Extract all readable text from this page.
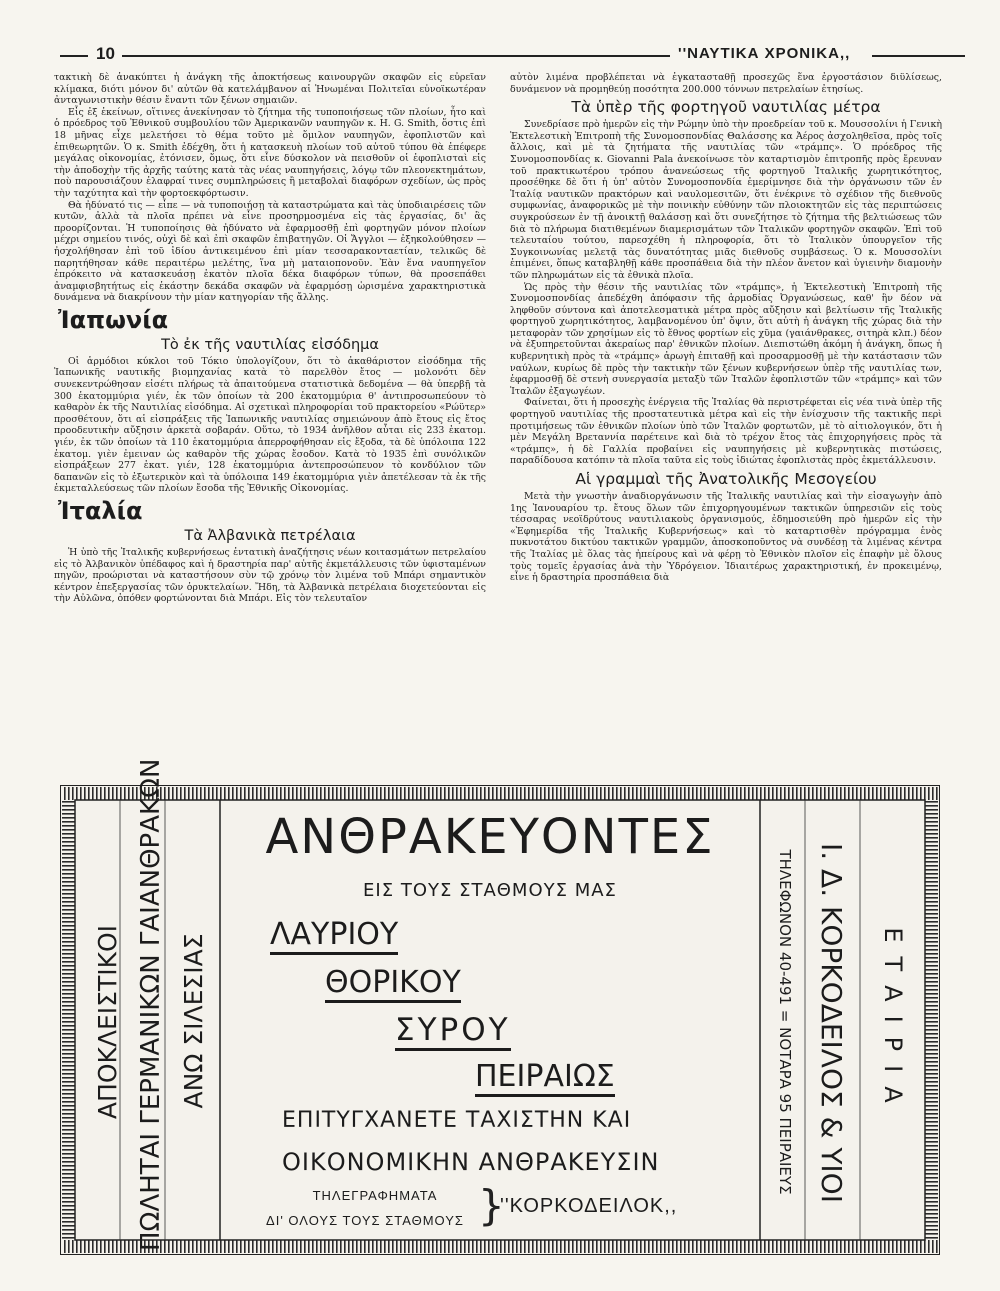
10	''ΝΑΥΤΙΚΑ ΧΡΟΝΙΚΑ,,

τακτικὴ δὲ ἀνακύπτει ἡ ἀνάγκη τῆς ἀποκτήσεως καινουργῶν σκαφῶν εἰς εὐρεῖαν κλίμακα, διότι μόνον δι' αὐτῶν θὰ κατελάμβανον αἱ Ἡνωμέναι Πολιτεῖαι εὐνοϊκωτέραν ἀνταγωνιστικὴν θέσιν ἔναντι τῶν ξένων σημαιῶν.

Εἷς ἐξ ἐκείνων, οἵτινες ἀνεκίνησαν τὸ ζήτημα τῆς τυποποιήσεως τῶν πλοίων, ἦτο καὶ ὁ πρόεδρος τοῦ Ἐθνικοῦ συμβουλίου τῶν Ἀμερικανῶν ναυπηγῶν κ. Η. G. Smith, ὅστις ἐπὶ 18 μῆνας εἶχε μελετήσει τὸ θέμα τοῦτο μὲ ὅμιλον ναυπηγῶν, ἐφοπλιστῶν καὶ ἐπιθεωρητῶν. Ὁ κ. Smith ἐδέχθη, ὅτι ἡ κατασκευὴ πλοίων τοῦ αὐτοῦ τύπου θὰ ἐπέφερε μεγάλας οἰκονομίας, ἐτόνισεν, ὅμως, ὅτι εἶνε δύσκολον νὰ πεισθοῦν οἱ ἐφοπλισταὶ εἰς τὴν ἀποδοχὴν τῆς ἀρχῆς ταύτης κατὰ τὰς νέας ναυπηγήσεις, λόγῳ τῶν πλεονεκτημάτων, ποὺ παρουσιάζουν ἐλαφραί τινες συμπληρώσεις ἢ μεταβολαὶ διαφόρων σχεδίων, ὡς πρὸς τὴν ταχύτητα καὶ τὴν φορτοεκφόρτωσιν.

Θὰ ἠδύνατό τις — εἶπε — νὰ τυποποιήσῃ τὰ καταστρώματα καὶ τὰς ὑποδιαιρέσεις τῶν κυτῶν, ἀλλὰ τὰ πλοῖα πρέπει νὰ εἶνε προσηρμοσμένα εἰς τὰς ἐργασίας, δι' ἃς προορίζονται. Ἡ τυποποίησις θὰ ἠδύνατο νὰ ἐφαρμοσθῇ ἐπὶ φορτηγῶν μόνον πλοίων μέχρι σημείου τινός, οὐχὶ δὲ καὶ ἐπὶ σκαφῶν ἐπιβατηγῶν. Οἱ Ἄγγλοι — ἐξηκολούθησεν — ἠσχολήθησαν ἐπὶ τοῦ ἰδίου ἀντικειμένου ἐπὶ μίαν τεσσαρακονταετίαν, τελικῶς δὲ παρητήθησαν κάθε περαιτέρω μελέτης, ἵνα μὴ ματαιοπονοῦν. Ἐὰν ἕνα ναυπηγεῖον ἐπρόκειτο νὰ κατασκευάσῃ ἑκατὸν πλοῖα δέκα διαφόρων τύπων, θὰ προσεπάθει ἀναμφισβητήτως εἰς ἑκάστην δεκάδα σκαφῶν νὰ ἐφαρμόσῃ ὡρισμένα χαρακτηριστικὰ δυνάμενα νὰ διακρίνουν τὴν μίαν κατηγορίαν τῆς ἄλλης.

Ἰαπωνία

Τὸ ἐκ τῆς ναυτιλίας εἰσόδημα

Οἱ ἁρμόδιοι κύκλοι τοῦ Τόκιο ὑπολογίζουν, ὅτι τὸ ἀκαθάριστον εἰσόδημα τῆς Ἰαπωνικῆς ναυτικῆς βιομηχανίας κατὰ τὸ παρελθὸν ἔτος — μολονότι δὲν συνεκεντρώθησαν εἰσέτι πλήρως τὰ ἀπαιτούμενα στατιστικὰ δεδομένα — θὰ ὑπερβῇ τὰ 300 ἑκατομμύρια γιέν, ἐκ τῶν ὁποίων τὰ 200 ἑκατομμύρια θ' ἀντιπροσωπεύουν τὸ καθαρὸν ἐκ τῆς Ναυτιλίας εἰσόδημα. Αἱ σχετικαὶ πληροφορίαι τοῦ πρακτορείου «Ρώϋτερ» προσθέτουν, ὅτι αἱ εἰσπράξεις τῆς Ἰαπωνικῆς ναυτιλίας σημειώνουν ἀπὸ ἔτους εἰς ἔτος προοδευτικὴν αὔξησιν ἀρκετὰ σοβαράν. Οὕτω, τὸ 1934 ἀνῆλθον αὗται εἰς 233 ἑκατομ. γιέν, ἐκ τῶν ὁποίων τὰ 110 ἑκατομμύρια ἀπερροφήθησαν εἰς ἔξοδα, τὰ δὲ ὑπόλοιπα 122 ἑκατομ. γιὲν ἐμειναν ὡς καθαρὸν τῆς χώρας ἔσοδον. Κατὰ τὸ 1935 ἐπὶ συνόλικῶν εἰσπράξεων 277 ἑκατ. γιέν, 128 ἑκατομμύρια ἀντεπροσώπευον τὸ κονδύλιον τῶν δαπανῶν εἰς τὸ ἐξωτερικὸν καὶ τὰ ὑπόλοιπα 149 ἑκατομμύρια γιὲν ἀπετέλεσαν τὰ ἐκ τῆς ἐκμεταλλεύσεως τῶν πλοίων ἔσοδα τῆς Ἐθνικῆς Οἰκονομίας.

Ἰταλία

Τὰ Ἀλβανικὰ πετρέλαια

Ἡ ὑπὸ τῆς Ἰταλικῆς κυβερνήσεως ἐντατικὴ ἀναζήτησις νέων κοιτασμάτων πετρελαίου εἰς τὸ Ἀλβανικὸν ὑπέδαφος καὶ ἡ δραστηρία παρ' αὐτῆς ἐκμετάλλευσις τῶν ὑφισταμένων πηγῶν, προώρισται νὰ καταστήσουν σὺν τῷ χρόνῳ τὸν λιμένα τοῦ Μπάρι σημαντικὸν κέντρον ἐπεξεργασίας τῶν ὀρυκτελαίων. Ἤδη, τὰ Ἀλβανικὰ πετρέλαια διοχετεύονται εἰς τὴν Αὐλῶνα, ὁπόθεν φορτώνονται διὰ Μπάρι. Εἰς τὸν τελευταῖον

αὐτὸν λιμένα προβλέπεται νὰ ἐγκατασταθῇ προσεχῶς ἕνα ἐργοστάσιον διϋλίσεως, δυνάμενον νὰ προμηθεύῃ ποσότητα 200.000 τόννων πετρελαίων ἐτησίως.

Τὰ ὑπὲρ τῆς φορτηγοῦ ναυτιλίας μέτρα

Συνεδρίασε πρὸ ἡμερῶν εἰς τὴν Ρώμην ὑπὸ τὴν προεδρείαν τοῦ κ. Μουσσολίνι ἡ Γενικὴ Ἐκτελεστικὴ Ἐπιτροπὴ τῆς Συνομοσπονδίας Θαλάσσης κα Ἀέρος ἀσχοληθεῖσα, πρὸς τοῖς ἄλλοις, καὶ μὲ τὰ ζητήματα τῆς ναυτιλίας τῶν «τράμπς». Ὁ πρόεδρος τῆς Συνομοσπονδίας κ. Giovanni Pala ἀνεκοίνωσε τὸν καταρτισμὸν ἐπιτροπῆς πρὸς ἔρευναν τοῦ πρακτικωτέρου τρόπου ἀνανεώσεως τῆς φορτηγοῦ Ἰταλικῆς χωρητικότητος, προσέθηκε δὲ ὅτι ἡ ὑπ' αὐτὸν Συνομοσπονδία ἐμερίμνησε διὰ τὴν ὀργάνωσιν τῶν ἐν Ἰταλίᾳ ναυτικῶν πρακτόρων καὶ ναυλομεσιτῶν, ὅτι ἐνέκρινε τὸ σχέδιον τῆς διεθνοῦς συμφωνίας, ἀναφορικῶς μὲ τὴν ποινικὴν εὐθύνην τῶν πλοιοκτητῶν εἰς τὰς περιπτώσεις συγκρούσεων ἐν τῇ ἀνοικτῇ θαλάσσῃ καὶ ὅτι συνεζήτησε τὸ ζήτημα τῆς βελτιώσεως τῶν διὰ τὸ πλήρωμα διατιθεμένων διαμερισμάτων τῶν Ἰταλικῶν φορτηγῶν σκαφῶν. Ἐπὶ τοῦ τελευταίου τούτου, παρεσχέθη ἡ πληροφορία, ὅτι τὸ Ἰταλικὸν ὑπουργεῖον τῆς Συγκοινωνίας μελετᾷ τὰς δυνατότητας μιᾶς διεθνοῦς συμβάσεως. Ὁ κ. Μουσσολίνι ἐπιμένει, ὅπως καταβληθῇ κάθε προσπάθεια διὰ τὴν πλέον ἄνετον καὶ ὑγιεινὴν διαμονὴν τῶν πληρωμάτων εἰς τὰ ἐθνικὰ πλοῖα.

Ὡς πρὸς τὴν θέσιν τῆς ναυτιλίας τῶν «τράμπς», ἡ Ἐκτελεστικὴ Ἐπιτροπὴ τῆς Συνομοσπονδίας ἀπεδέχθη ἀπόφασιν τῆς ἁρμοδίας Ὀργανώσεως, καθ' ἣν δέον νὰ ληφθοῦν σύντονα καὶ ἀποτελεσματικὰ μέτρα πρὸς αὔξησιν καὶ βελτίωσιν τῆς Ἰταλικῆς φορτηγοῦ χωρητικότητος, λαμβανομένου ὑπ' ὄψιν, ὅτι αὐτὴ ἡ ἀνάγκη τῆς χώρας διὰ τὴν μεταφορὰν τῶν χρησίμων εἰς τὸ ἔθνος φορτίων εἰς χῦμα (γαιάνθρακες, σιτηρὰ κλπ.) δέον νὰ ἐξυπηρετοῦνται ἀκεραίως παρ' ἐθνικῶν πλοίων. Διεπιστώθη ἀκόμη ἡ ἀνάγκη, ὅπως ἡ κυβερνητικὴ πρὸς τὰ «τράμπς» ἀρωγὴ ἐπιταθῇ καὶ προσαρμοσθῇ μὲ τὴν κατάστασιν τῶν ναύλων, κυρίως δὲ πρὸς τὴν τακτικὴν τῶν ξένων κυβερνήσεων ὑπὲρ τῆς ναυτιλίας των, ἐφαρμοσθῇ δὲ στενὴ συνεργασία μεταξὺ τῶν Ἰταλῶν ἐφοπλιστῶν τῶν «τράμπς» καὶ τῶν Ἰταλῶν ἐξαγωγέων.

Φαίνεται, ὅτι ἡ προσεχὴς ἐνέργεια τῆς Ἰταλίας θὰ περιστρέφεται εἰς νέα τινὰ ὑπὲρ τῆς φορτηγοῦ ναυτιλίας τῆς προστατευτικὰ μέτρα καὶ εἰς τὴν ἐνίσχυσιν τῆς τακτικῆς περὶ προτιμήσεως τῶν ἐθνικῶν πλοίων ὑπὸ τῶν Ἰταλῶν φορτωτῶν, μὲ τὸ αἰτιολογικόν, ὅτι ἡ μὲν Μεγάλη Βρεταννία παρέτεινε καὶ διὰ τὸ τρέχον ἔτος τὰς ἐπιχορηγήσεις πρὸς τὰ «τράμπς», ἡ δὲ Γαλλία προβαίνει εἰς ναυπηγήσεις μὲ κυβερνητικὰς πιστώσεις, παραδίδουσα κατόπιν τὰ πλοῖα ταῦτα εἰς τοὺς ἰδιώτας ἐφοπλιστὰς πρὸς ἐκμετάλλευσιν.

Αἱ γραμμαὶ τῆς Ἀνατολικῆς Μεσογείου

Μετὰ τὴν γνωστὴν ἀναδιοργάνωσιν τῆς Ἰταλικῆς ναυτιλίας καὶ τὴν εἰσαγωγὴν ἀπὸ 1ης Ἰανουαρίου τρ. ἔτους ὅλων τῶν ἐπιχορηγουμένων τακτικῶν ὑπηρεσιῶν εἰς τοὺς τέσσαρας νεοϊδρύτους ναυτιλιακοὺς ὀργανισμούς, ἐδημοσιεύθη πρὸ ἡμερῶν εἰς τὴν «Ἐφημερίδα τῆς Ἰταλικῆς Κυβερνήσεως» καὶ τὸ καταρτισθὲν πρόγραμμα ἑνὸς πυκνοτάτου δικτύου τακτικῶν γραμμῶν, ἀποσκοποῦντος νὰ συνδέσῃ τὰ λιμένας κέντρα τῆς Ἰταλίας μὲ ὅλας τὰς ἠπείρους καὶ νὰ φέρῃ τὸ Ἐθνικὸν πλοῖον εἰς ἐπαφὴν μὲ ὅλους τοὺς τομεῖς ἐργασίας ἀνὰ τὴν Ὑδρόγειον. Ἰδιαιτέρως χαρακτηριστική, ἐν προκειμένῳ, εἶνε ἡ δραστηρία προσπάθεια διὰ

ΑΠΟΚΛΕΙΣΤΙΚΟΙ ΠΩΛΗΤΑΙ ΓΕΡΜΑΝΙΚΩΝ ΓΑΙΑΝΘΡΑΚΩΝ ΑΝΩ ΣΙΛΕΣΙΑΣ
ΑΝΘΡΑΚΕΥΟΝΤΕΣ
ΕΙΣ ΤΟΥΣ ΣΤΑΘΜΟΥΣ ΜΑΣ
ΛΑΥΡΙΟΥ
ΘΟΡΙΚΟΥ
ΣΥΡΟΥ
ΠΕΙΡΑΙΩΣ
ΕΠΙΤΥΓΧΑΝΕΤΕ ΤΑΧΙΣΤΗΝ ΚΑΙ
ΟΙΚΟΝΟΜΙΚΗΝ ΑΝΘΡΑΚΕΥΣΙΝ
ΤΗΛΕΓΡΑΦΗΜΑΤΑ
ΔΙ' ΟΛΟΥΣ ΤΟΥΣ ΣΤΑΘΜΟΥΣ }
''ΚΟΡΚΟΔΕΙΛΟΚ,,
ΤΗΛΕΦΩΝΟΝ 40-491 = ΝΟΤΑΡΑ 95 ΠΕΙΡΑΙΕΥΣ Ι. Δ. ΚΟΡΚΟΔΕΙΛΟΣ & ΥΙΟΙ ΕΤΑΙΡΙΑ
